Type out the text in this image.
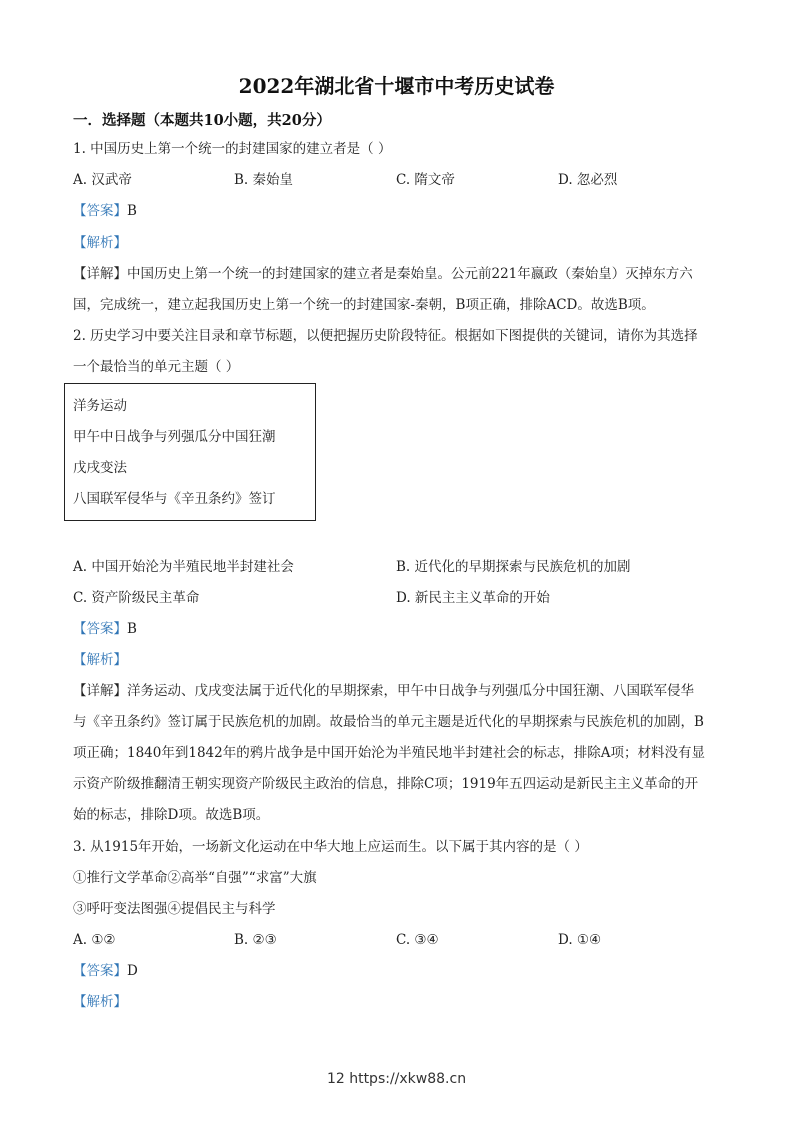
2022年湖北省十堰市中考历史试卷
一．选择题（本题共10小题，共20分）
1. 中国历史上第一个统一的封建国家的建立者是（ ）
A. 汉武帝	B. 秦始皇	C. 隋文帝	D. 忽必烈
【答案】B
【解析】
【详解】中国历史上第一个统一的封建国家的建立者是秦始皇。公元前221年嬴政（秦始皇）灭掉东方六
国，完成统一，建立起我国历史上第一个统一的封建国家-秦朝，B项正确，排除ACD。故选B项。
2. 历史学习中要关注目录和章节标题，以便把握历史阶段特征。根据如下图提供的关键词，请你为其选择
一个最恰当的单元主题（ ）
洋务运动
甲午中日战争与列强瓜分中国狂潮
戊戌变法
八国联军侵华与《辛丑条约》签订
A. 中国开始沦为半殖民地半封建社会	B. 近代化的早期探索与民族危机的加剧
C. 资产阶级民主革命	D. 新民主主义革命的开始
【答案】B
【解析】
【详解】洋务运动、戊戌变法属于近代化的早期探索，甲午中日战争与列强瓜分中国狂潮、八国联军侵华
与《辛丑条约》签订属于民族危机的加剧。故最恰当的单元主题是近代化的早期探索与民族危机的加剧，B
项正确；1840年到1842年的鸦片战争是中国开始沦为半殖民地半封建社会的标志，排除A项；材料没有显
示资产阶级推翻清王朝实现资产阶级民主政治的信息，排除C项；1919年五四运动是新民主主义革命的开
始的标志，排除D项。故选B项。
3. 从1915年开始，一场新文化运动在中华大地上应运而生。以下属于其内容的是（ ）
①推行文学革命②高举“自强”“求富”大旗
③呼吁变法图强④提倡民主与科学
A. ①②	B. ②③	C. ③④	D. ①④
【答案】D
【解析】
12 https://xkw88.cn
